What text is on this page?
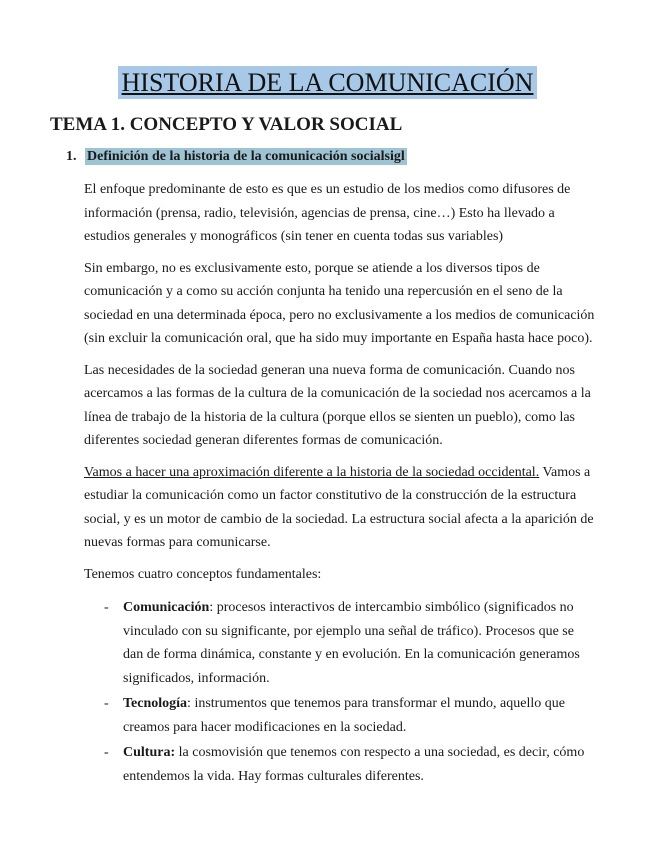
HISTORIA DE LA COMUNICACIÓN
TEMA 1. CONCEPTO Y VALOR SOCIAL
1. Definición de la historia de la comunicación socialsigl

El enfoque predominante de esto es que es un estudio de los medios como difusores de información (prensa, radio, televisión, agencias de prensa, cine…) Esto ha llevado a estudios generales y monográficos (sin tener en cuenta todas sus variables)

Sin embargo, no es exclusivamente esto, porque se atiende a los diversos tipos de comunicación y a como su acción conjunta ha tenido una repercusión en el seno de la sociedad en una determinada época, pero no exclusivamente a los medios de comunicación (sin excluir la comunicación oral, que ha sido muy importante en España hasta hace poco).

Las necesidades de la sociedad generan una nueva forma de comunicación. Cuando nos acercamos a las formas de la cultura de la comunicación de la sociedad nos acercamos a la línea de trabajo de la historia de la cultura (porque ellos se sienten un pueblo), como las diferentes sociedad generan diferentes formas de comunicación.

Vamos a hacer una aproximación diferente a la historia de la sociedad occidental. Vamos a estudiar la comunicación como un factor constitutivo de la construcción de la estructura social, y es un motor de cambio de la sociedad. La estructura social afecta a la aparición de nuevas formas para comunicarse.

Tenemos cuatro conceptos fundamentales:

- Comunicación: procesos interactivos de intercambio simbólico (significados no vinculado con su significante, por ejemplo una señal de tráfico). Procesos que se dan de forma dinámica, constante y en evolución. En la comunicación generamos significados, información.
- Tecnología: instrumentos que tenemos para transformar el mundo, aquello que creamos para hacer modificaciones en la sociedad.
- Cultura: la cosmovisión que tenemos con respecto a una sociedad, es decir, cómo entendemos la vida. Hay formas culturales diferentes.
